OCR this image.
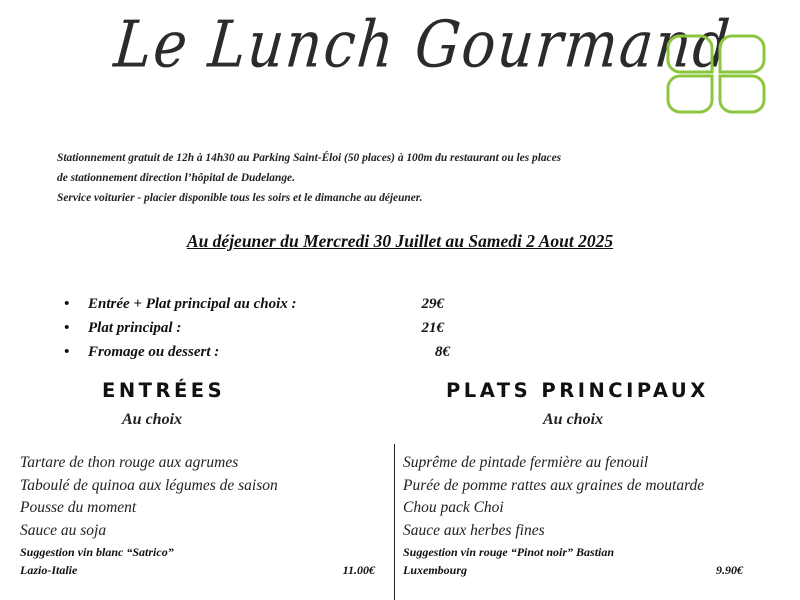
Le Lunch Gourmand
Stationnement gratuit de 12h à 14h30 au Parking Saint-Éloi (50 places) à 100m du restaurant ou les places
de stationnement direction l’hôpital de Dudelange.
Service voiturier - placier disponible tous les soirs et le dimanche au déjeuner.
Au déjeuner du Mercredi 30 Juillet au Samedi 2 Aout 2025
• Entrée + Plat principal au choix :	29€
• Plat principal :	21€
• Fromage ou dessert :	8€
ENTRÉES
Au choix
PLATS PRINCIPAUX
Au choix
Tartare de thon rouge aux agrumes
Taboulé de quinoa aux légumes de saison
Pousse du moment
Sauce au soja
Suggestion vin blanc “Satrico”
Lazio-Italie	11.00€
Suprême de pintade fermière au fenouil
Purée de pomme rattes aux graines de moutarde
Chou pack Choi
Sauce aux herbes fines
Suggestion vin rouge “Pinot noir” Bastian
Luxembourg	9.90€
